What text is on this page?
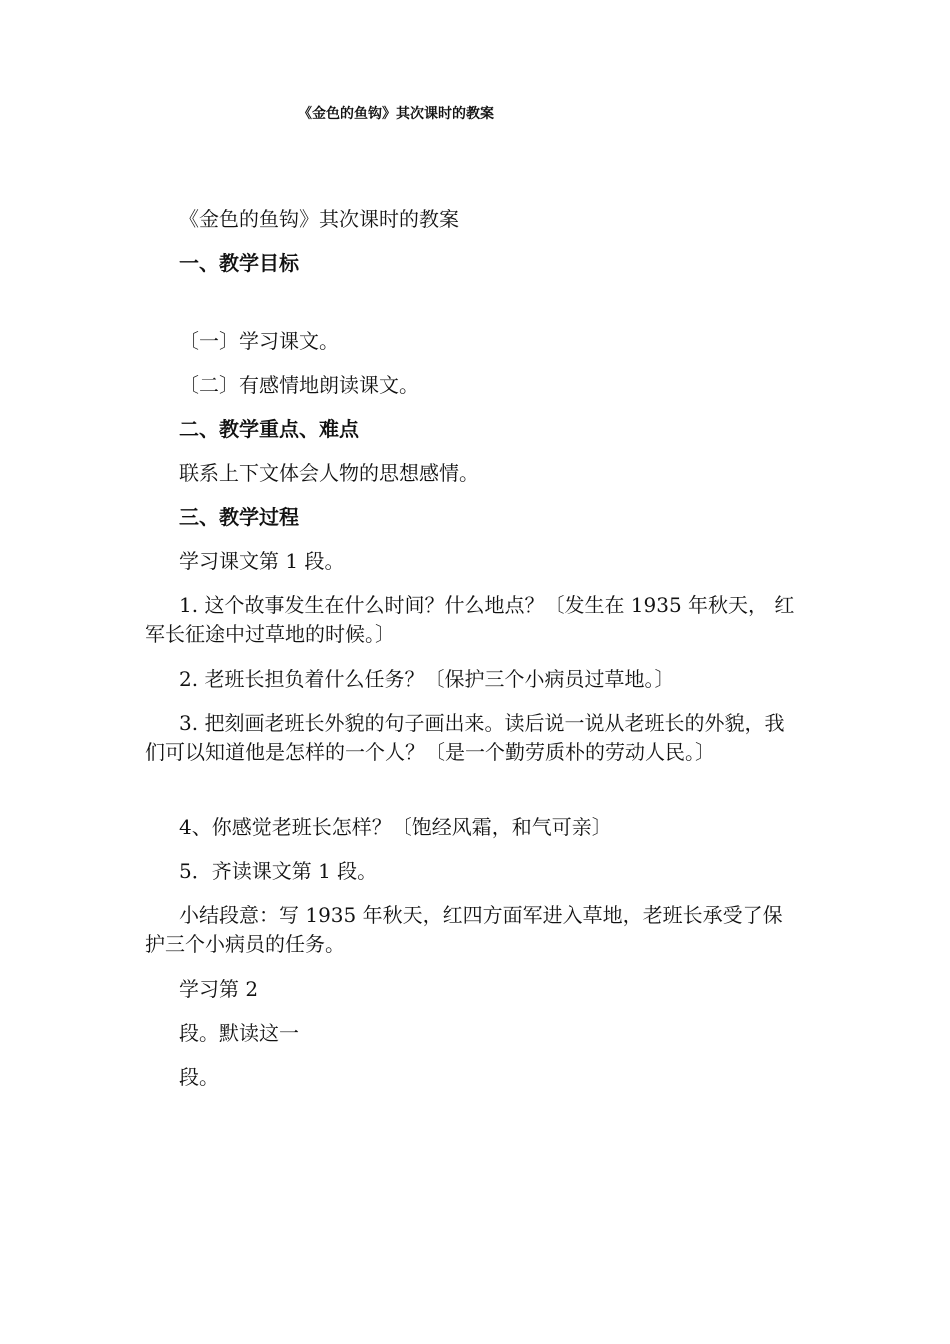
《金色的鱼钩》其次课时的教案
《金色的鱼钩》其次课时的教案
一、教学目标
〔一〕学习课文。
〔二〕有感情地朗读课文。
二、教学重点、难点
联系上下文体会人物的思想感情。
三、教学过程
学习课文第 1 段。
1. 这个故事发生在什么时间？什么地点？〔发生在 1935 年秋天， 红军长征途中过草地的时候。〕
2. 老班长担负着什么任务？〔保护三个小病员过草地。〕
3. 把刻画老班长外貌的句子画出来。读后说一说从老班长的外貌，我们可以知道他是怎样的一个人？〔是一个勤劳质朴的劳动人民。〕
4、你感觉老班长怎样？〔饱经风霜，和气可亲〕
5．齐读课文第 1 段。
小结段意：写 1935 年秋天，红四方面军进入草地，老班长承受了保护三个小病员的任务。
学习第 2
段。默读这一
段。
